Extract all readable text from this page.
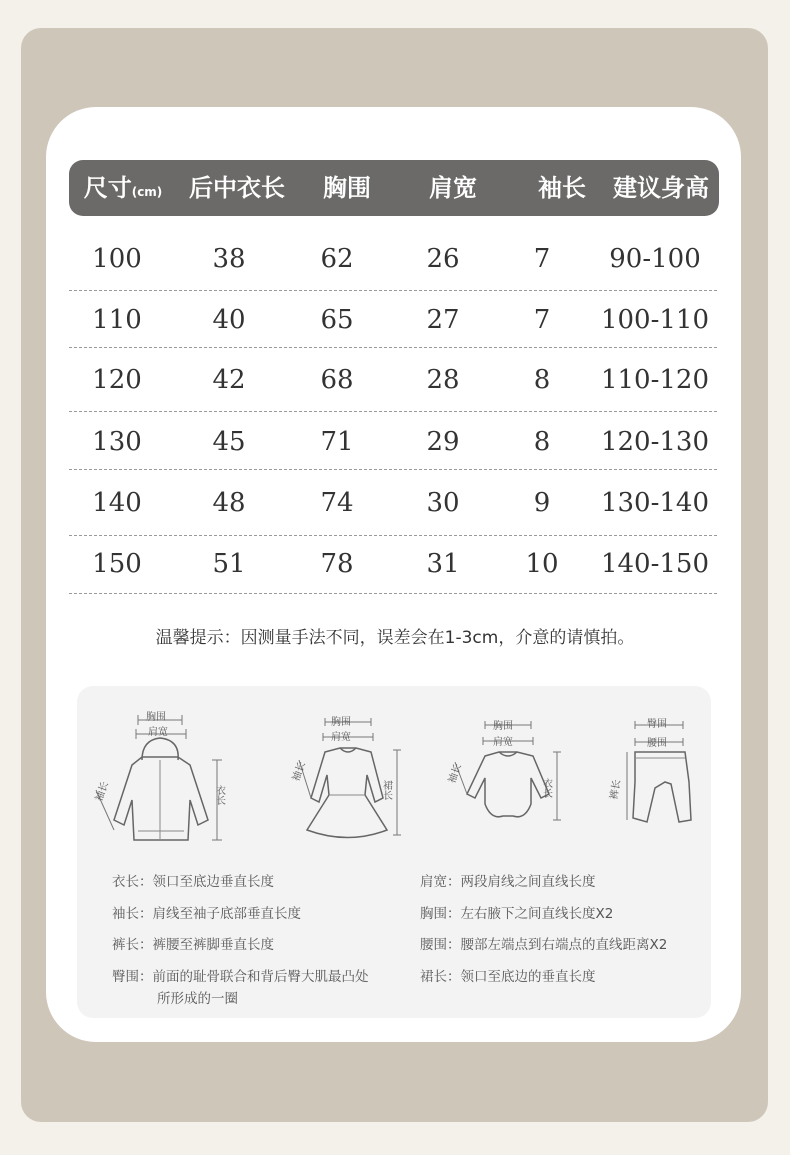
尺寸(cm)	后中衣长	胸围	肩宽	袖长	建议身高
100	38	62	26	7	90-100
110	40	65	27	7	100-110
120	42	68	28	8	110-120
130	45	71	29	8	120-130
140	48	74	30	9	130-140
150	51	78	31	10	140-150
温馨提示：因测量手法不同，误差会在1-3cm，介意的请慎拍。
胸围
肩宽
袖长	衣长
胸围
肩宽
袖长
裙长
胸围
肩宽
袖长
衣长
臀围
腰围
裤长
衣长：领口至底边垂直长度
袖长：肩线至袖子底部垂直长度
裤长：裤腰至裤脚垂直长度
臀围：前面的耻骨联合和背后臀大肌最凸处
所形成的一圈
肩宽：两段肩线之间直线长度
胸围：左右腋下之间直线长度X2
腰围：腰部左端点到右端点的直线距离X2
裙长：领口至底边的垂直长度
